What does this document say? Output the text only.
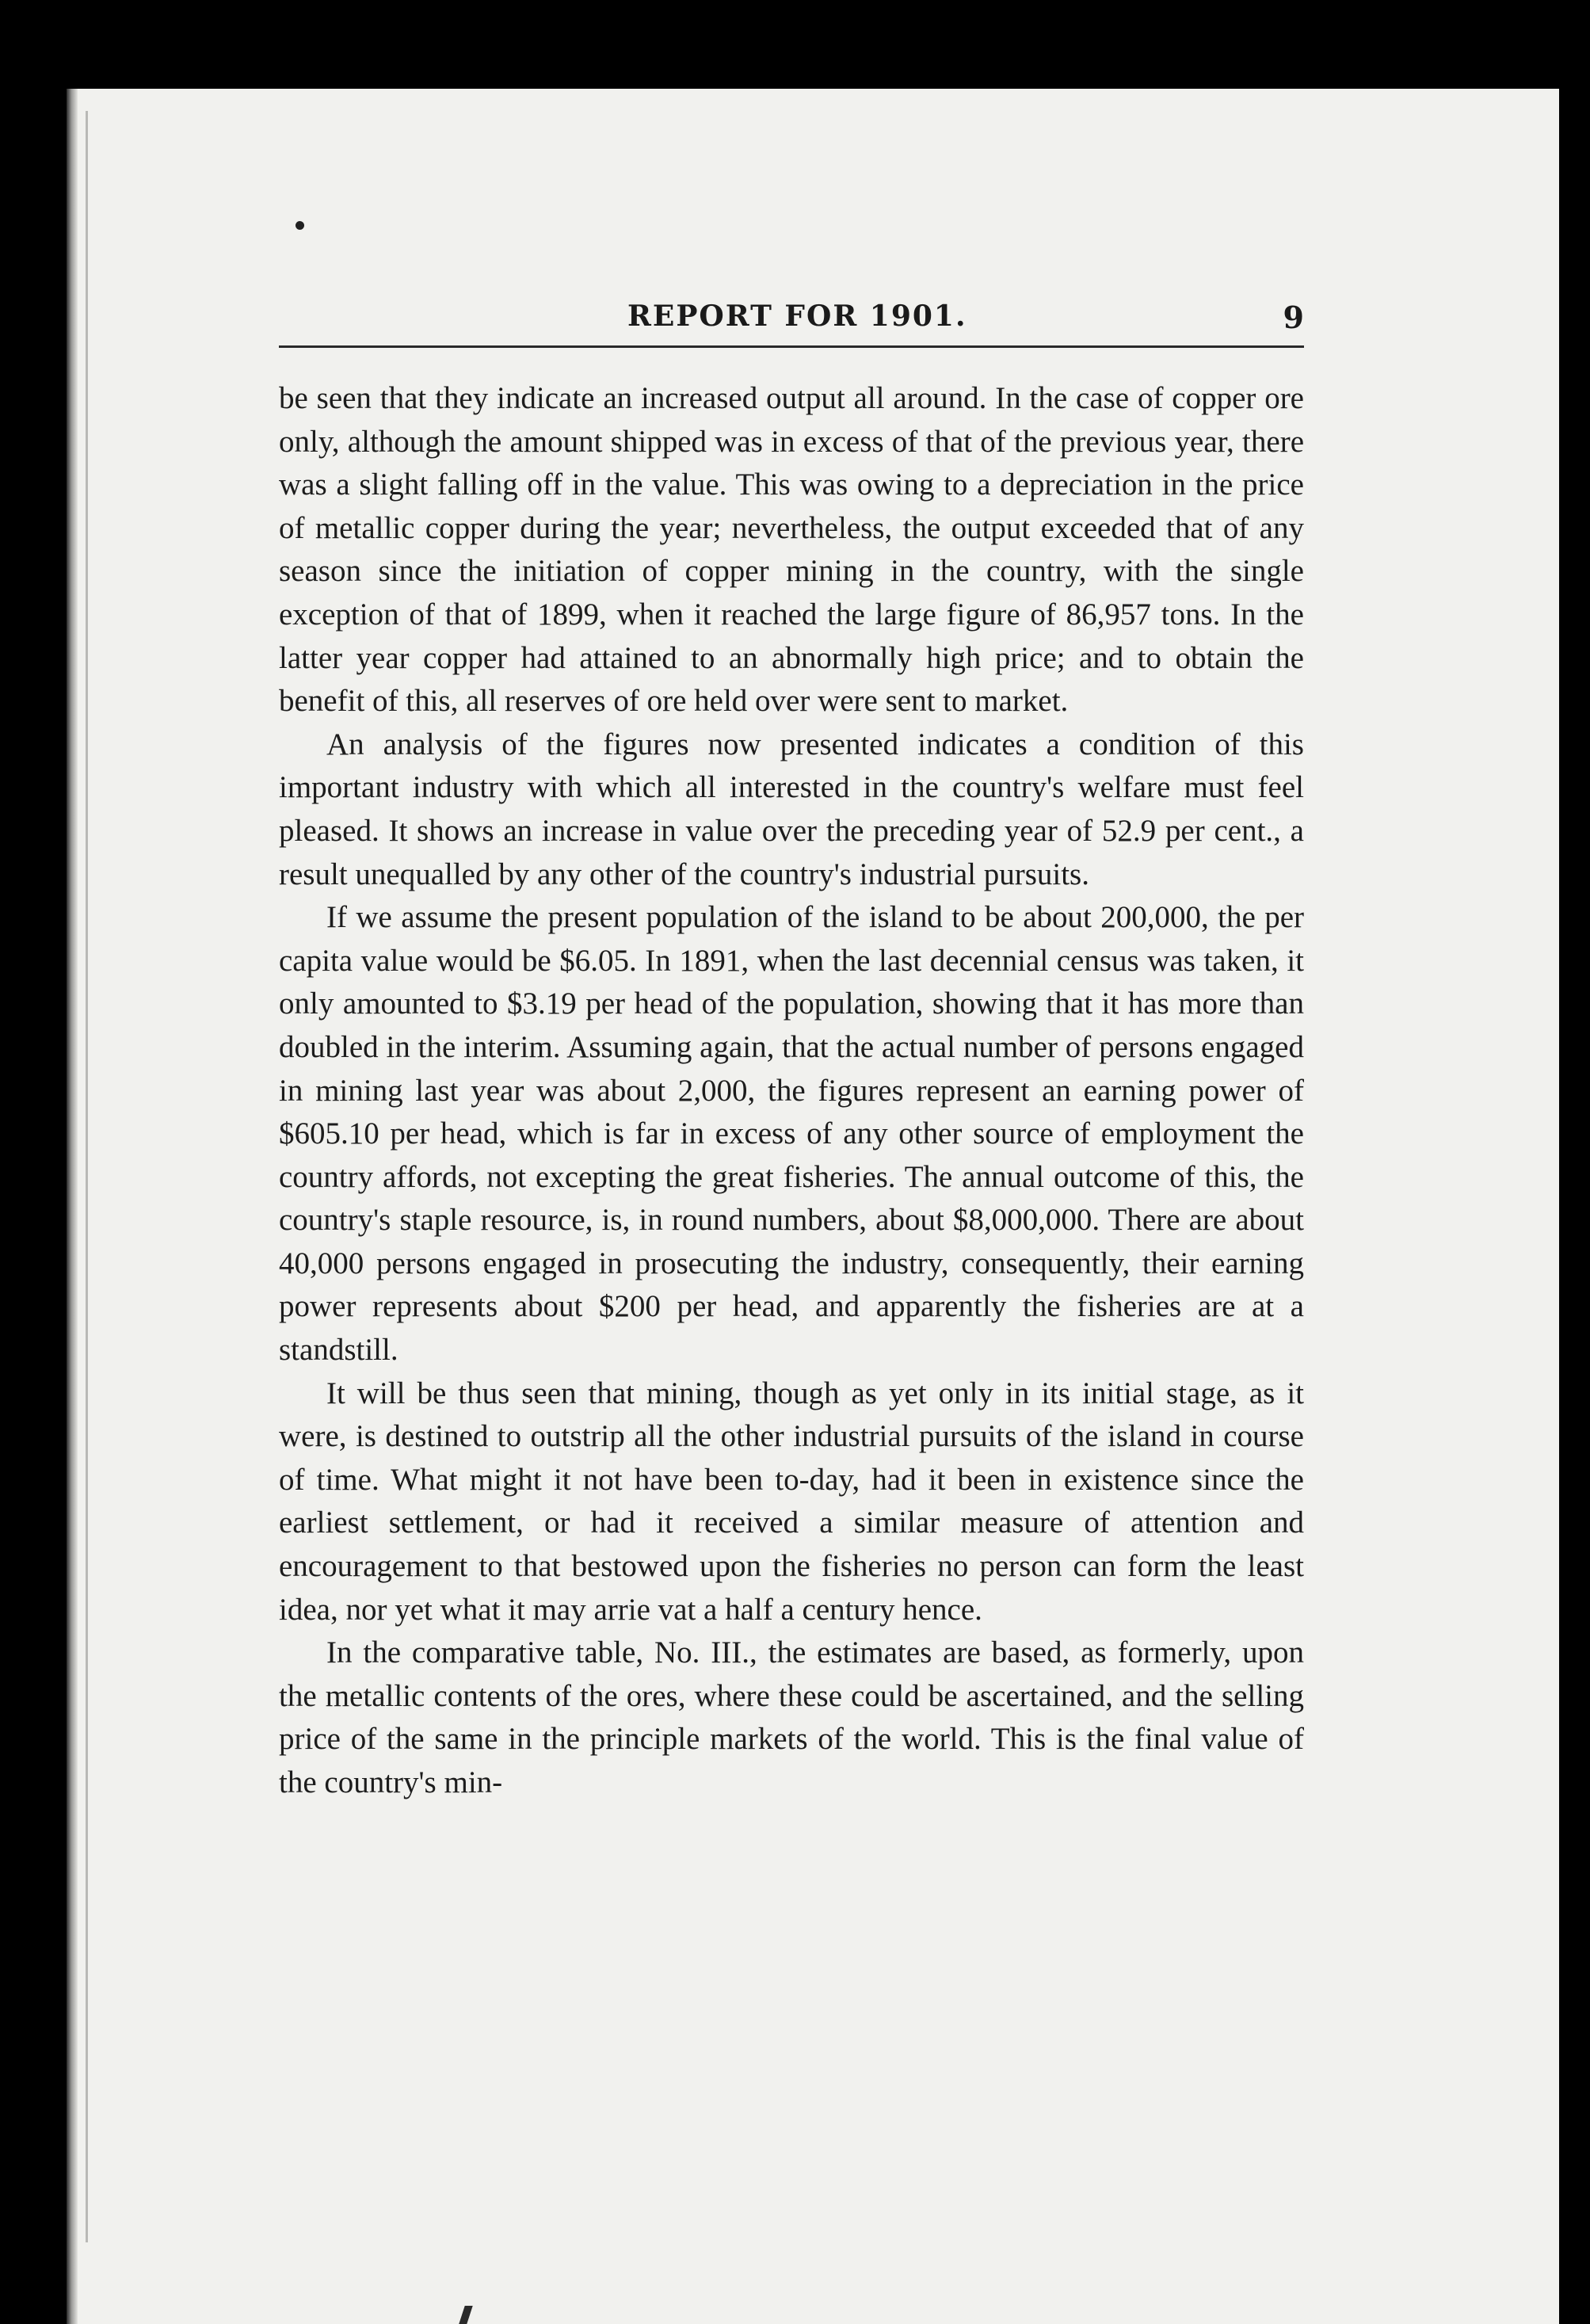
REPORT FOR 1901.	9

be seen that they indicate an increased output all around. In the case of copper ore only, although the amount shipped was in excess of that of the previous year, there was a slight falling off in the value. This was owing to a depreciation in the price of metallic copper during the year; nevertheless, the output exceeded that of any season since the initiation of copper mining in the country, with the single exception of that of 1899, when it reached the large figure of 86,957 tons. In the latter year copper had attained to an abnormally high price; and to obtain the benefit of this, all reserves of ore held over were sent to market.

An analysis of the figures now presented indicates a condition of this important industry with which all interested in the country's welfare must feel pleased. It shows an increase in value over the preceding year of 52.9 per cent., a result unequalled by any other of the country's industrial pursuits.

If we assume the present population of the island to be about 200,000, the per capita value would be $6.05. In 1891, when the last decennial census was taken, it only amounted to $3.19 per head of the population, showing that it has more than doubled in the interim. Assuming again, that the actual number of persons engaged in mining last year was about 2,000, the figures represent an earning power of $605.10 per head, which is far in excess of any other source of employment the country affords, not excepting the great fisheries. The annual outcome of this, the country's staple resource, is, in round numbers, about $8,000,000. There are about 40,000 persons engaged in prosecuting the industry, consequently, their earning power represents about $200 per head, and apparently the fisheries are at a standstill.

It will be thus seen that mining, though as yet only in its initial stage, as it were, is destined to outstrip all the other industrial pursuits of the island in course of time. What might it not have been to-day, had it been in existence since the earliest settlement, or had it received a similar measure of attention and encouragement to that bestowed upon the fisheries no person can form the least idea, nor yet what it may arrie vat a half a century hence.

In the comparative table, No. III., the estimates are based, as formerly, upon the metallic contents of the ores, where these could be ascertained, and the selling price of the same in the principle markets of the world. This is the final value of the country's min-
